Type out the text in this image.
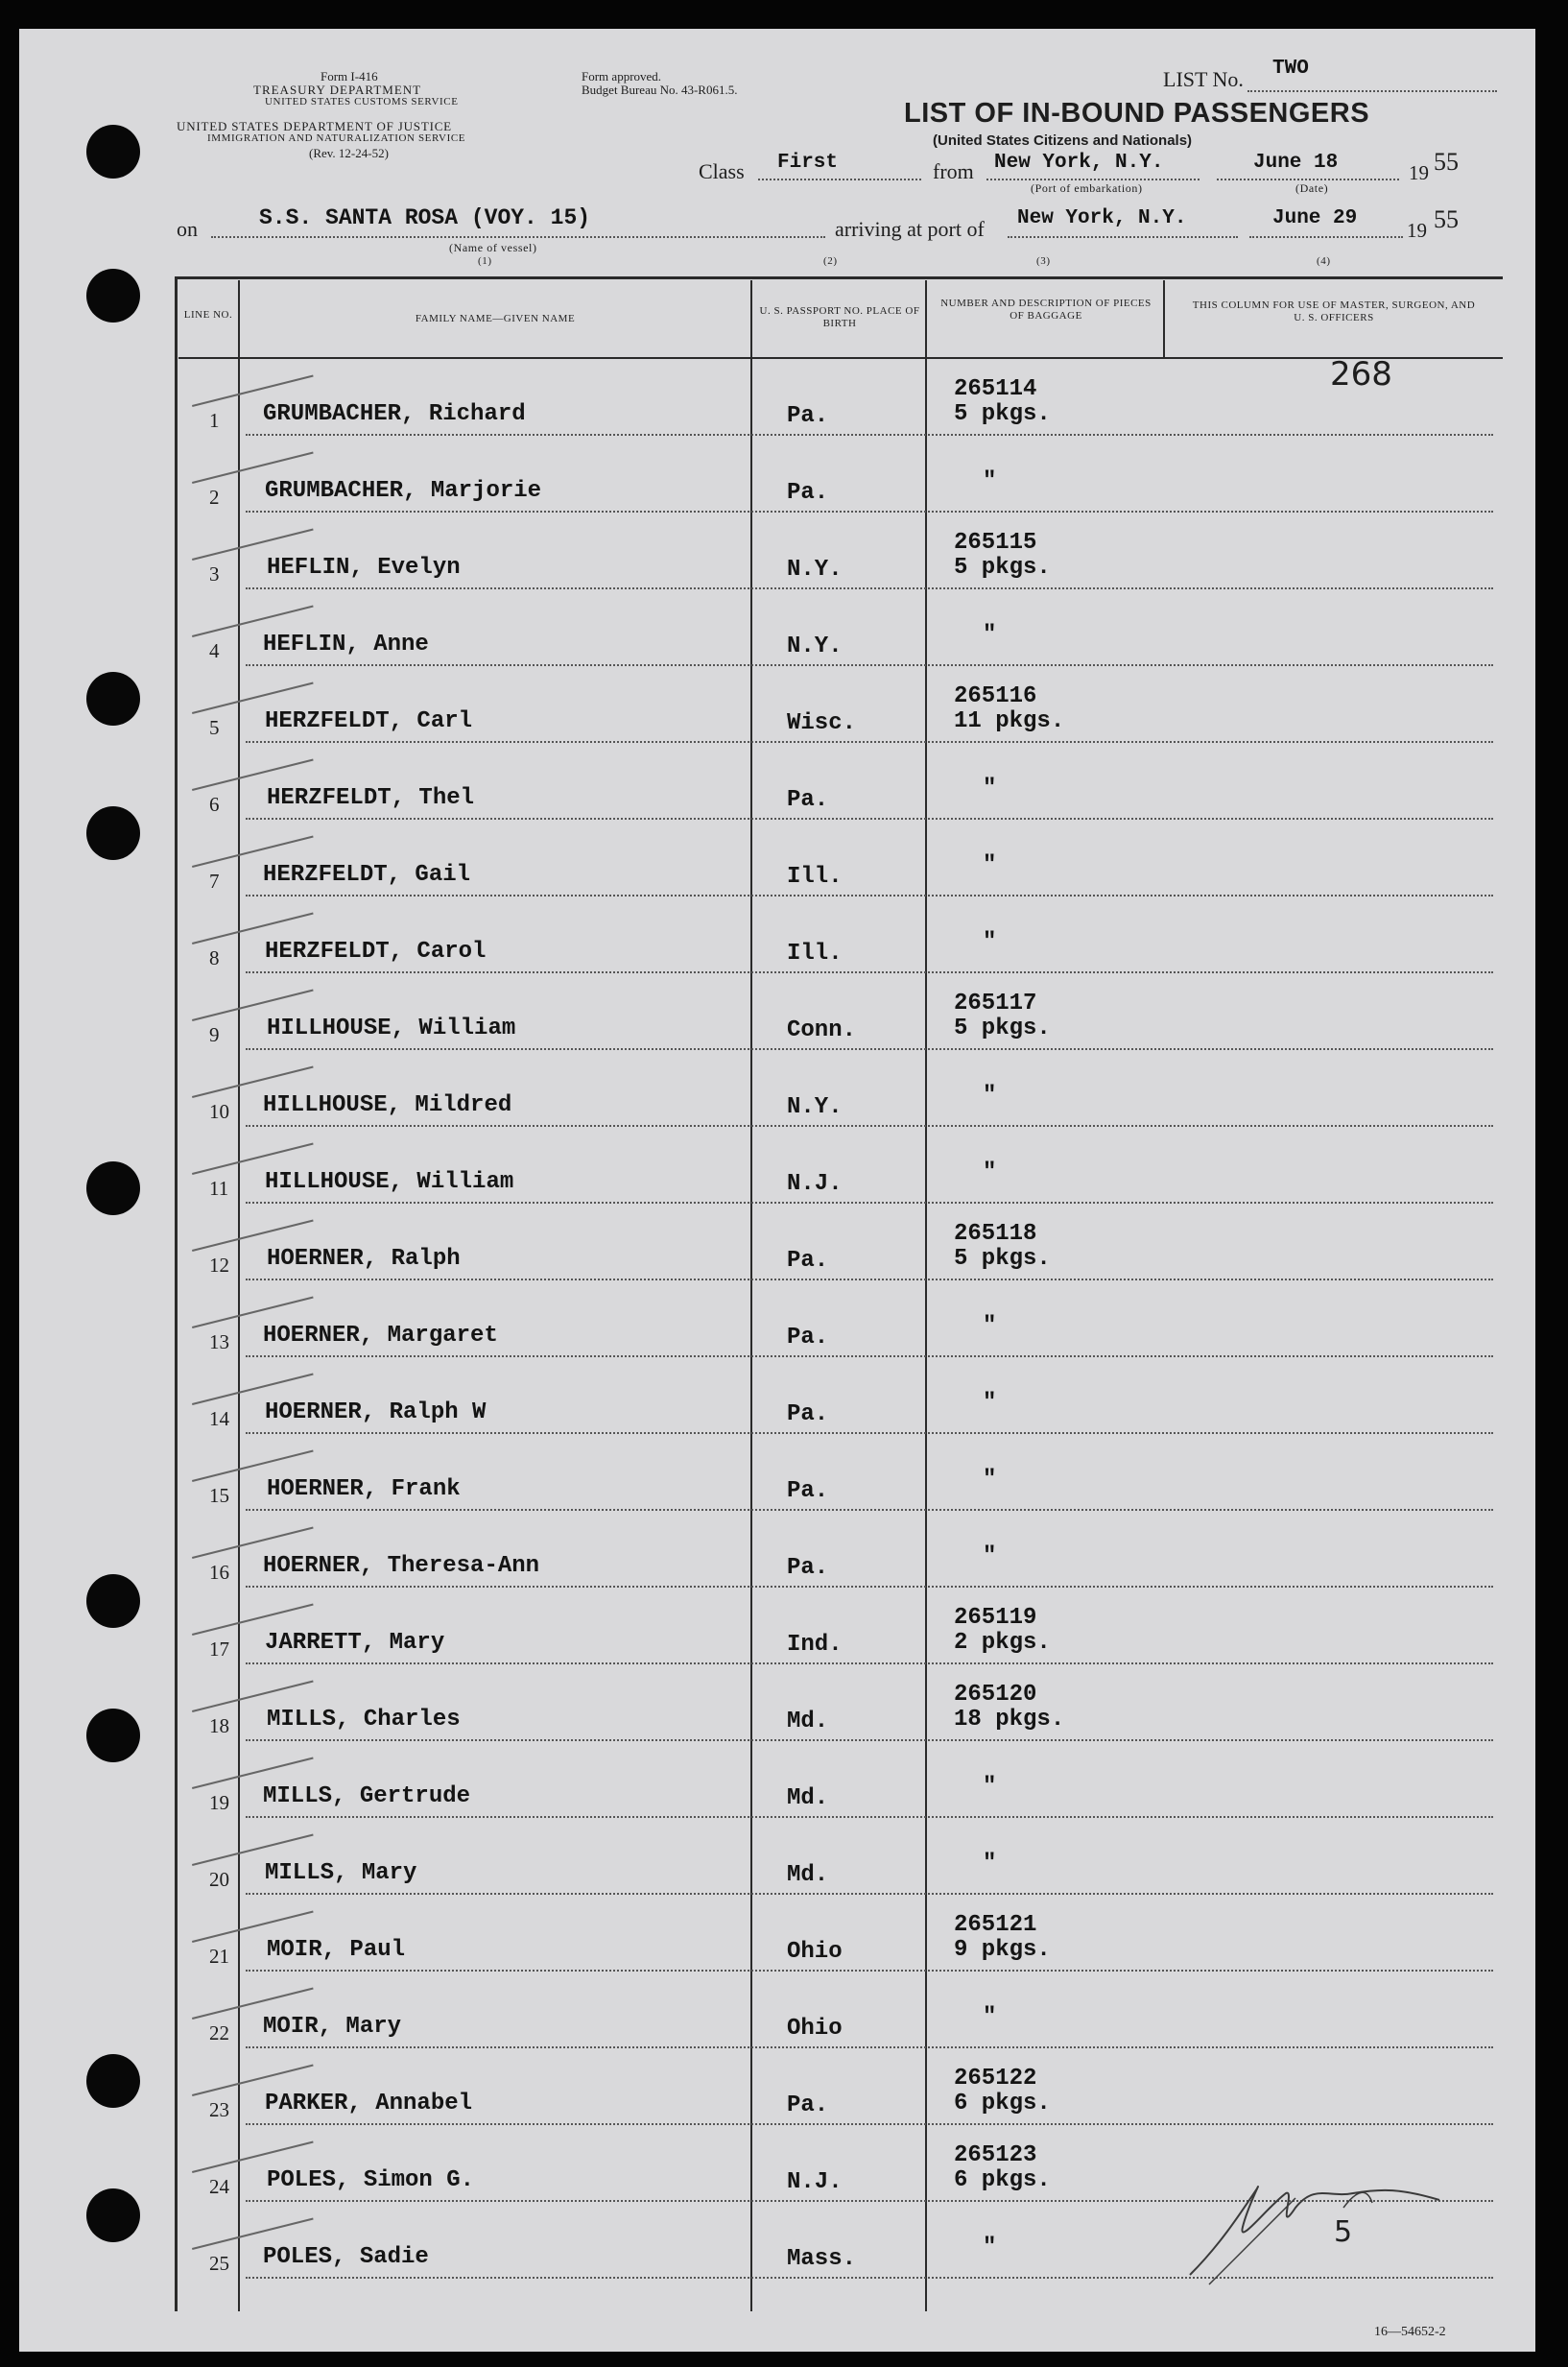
Form I-416
TREASURY DEPARTMENT
UNITED STATES CUSTOMS SERVICE
UNITED STATES DEPARTMENT OF JUSTICE
IMMIGRATION AND NATURALIZATION SERVICE
(Rev. 12-24-52)
Form approved.
Budget Bureau No. 43-R061.5.	LIST No. TWO
LIST OF IN-BOUND PASSENGERS
(United States Citizens and Nationals)
Class First	from New York, N.Y.	June 18	19 55
(Port of embarkation)	(Date)
on	S.S. SANTA ROSA (VOY. 15)
(Name of vessel)
(1)
arriving at port of New York, N.Y.	June 29
19 55
(2)	(3)	(4)
LINE NO.	FAMILY NAME—GIVEN NAME
U. S. PASSPORT NO. PLACE OF BIRTH
NUMBER AND DESCRIPTION OF PIECES OF BAGGAGE
THIS COLUMN FOR USE OF MASTER, SURGEON, AND U. S. OFFICERS
268
1 GRUMBACHER, Richard	Pa.
265114
5 pkgs.
2 GRUMBACHER, Marjorie	Pa.	"
3 HEFLIN, Evelyn	N.Y.
265115
5 pkgs.
4 HEFLIN, Anne	N.Y.	"
5 HERZFELDT, Carl	Wisc.
265116
11 pkgs.
6 HERZFELDT, Thel	Pa.	"
7 HERZFELDT, Gail	Ill.	"
8 HERZFELDT, Carol	Ill.	"
9 HILLHOUSE, William	Conn.
265117
5 pkgs.
10 HILLHOUSE, Mildred	N.Y.	"
11 HILLHOUSE, William	N.J.	"
12 HOERNER, Ralph	Pa.
265118
5 pkgs.
13 HOERNER, Margaret	Pa.	"
14 HOERNER, Ralph W	Pa.	"
15 HOERNER, Frank	Pa.	"
16 HOERNER, Theresa-Ann	Pa.	"
17 JARRETT, Mary	Ind.
265119
2 pkgs.
18 MILLS, Charles	Md.
265120
18 pkgs.
19 MILLS, Gertrude	Md.	"
20 MILLS, Mary	Md.	"
21 MOIR, Paul	Ohio
265121
9 pkgs.
22 MOIR, Mary	Ohio	"
23 PARKER, Annabel	Pa.
265122
6 pkgs.
24 POLES, Simon G.	N.J.
265123
6 pkgs.
25 POLES, Sadie	Mass.	"	5
16—54652-2
